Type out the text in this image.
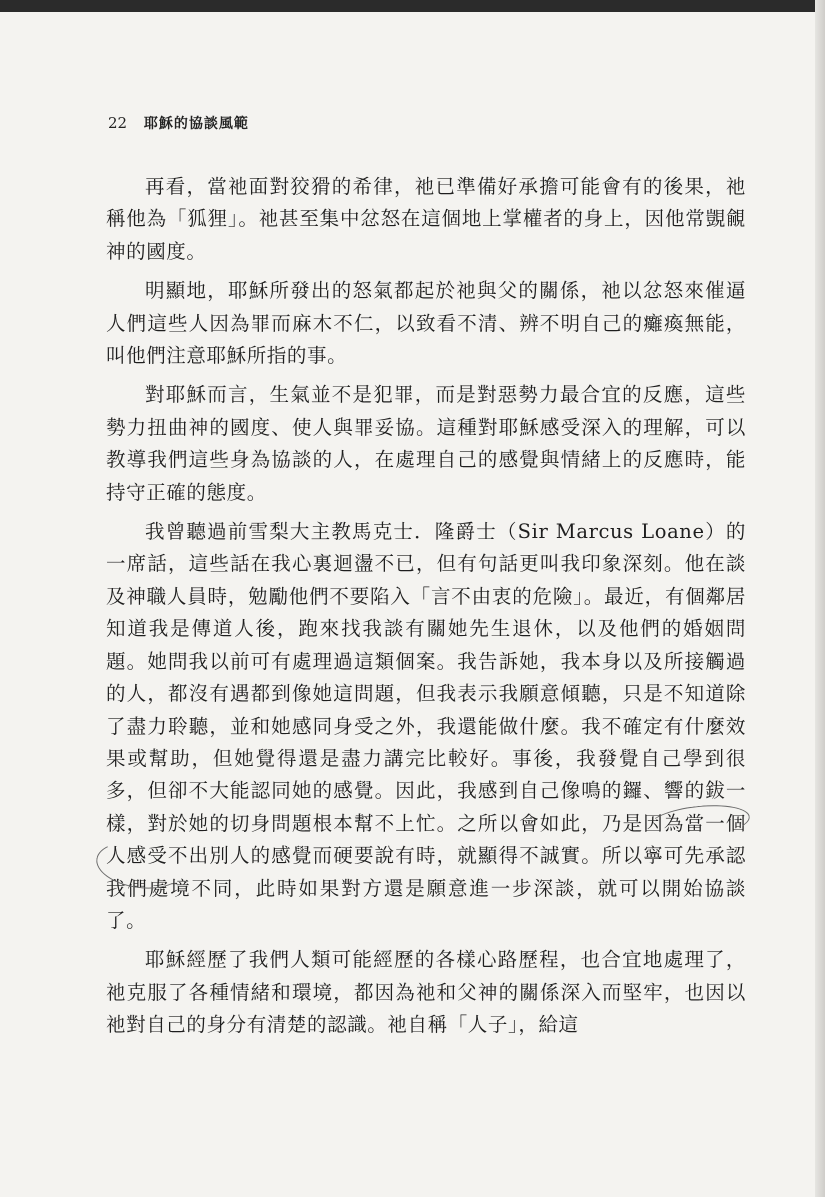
22 耶穌的協談風範

再看，當祂面對狡猾的希律，祂已準備好承擔可能會有的後果，祂稱他為「狐狸」。祂甚至集中忿怒在這個地上掌權者的身上，因他常覬覦神的國度。

明顯地，耶穌所發出的怒氣都起於祂與父的關係，祂以忿怒來催逼人們這些人因為罪而麻木不仁，以致看不清、辨不明自己的癱瘓無能，叫他們注意耶穌所指的事。

對耶穌而言，生氣並不是犯罪，而是對惡勢力最合宜的反應，這些勢力扭曲神的國度、使人與罪妥協。這種對耶穌感受深入的理解，可以教導我們這些身為協談的人，在處理自己的感覺與情緒上的反應時，能持守正確的態度。

我曾聽過前雪梨大主教馬克士．隆爵士（Sir Marcus Loane）的一席話，這些話在我心裏迴盪不已，但有句話更叫我印象深刻。他在談及神職人員時，勉勵他們不要陷入「言不由衷的危險」。最近，有個鄰居知道我是傳道人後，跑來找我談有關她先生退休，以及他們的婚姻問題。她問我以前可有處理過這類個案。我告訴她，我本身以及所接觸過的人，都沒有遇都到像她這問題，但我表示我願意傾聽，只是不知道除了盡力聆聽，並和她感同身受之外，我還能做什麼。我不確定有什麼效果或幫助，但她覺得還是盡力講完比較好。事後，我發覺自己學到很多，但卻不大能認同她的感覺。因此，我感到自己像鳴的鑼、響的鈸一樣，對於她的切身問題根本幫不上忙。之所以會如此，乃是因為當一個人感受不出別人的感覺而硬要說有時，就顯得不誠實。所以寧可先承認我們處境不同，此時如果對方還是願意進一步深談，就可以開始協談了。

耶穌經歷了我們人類可能經歷的各樣心路歷程，也合宜地處理了，祂克服了各種情緒和環境，都因為祂和父神的關係深入而堅牢，也因以祂對自己的身分有清楚的認識。祂自稱「人子」，給這
